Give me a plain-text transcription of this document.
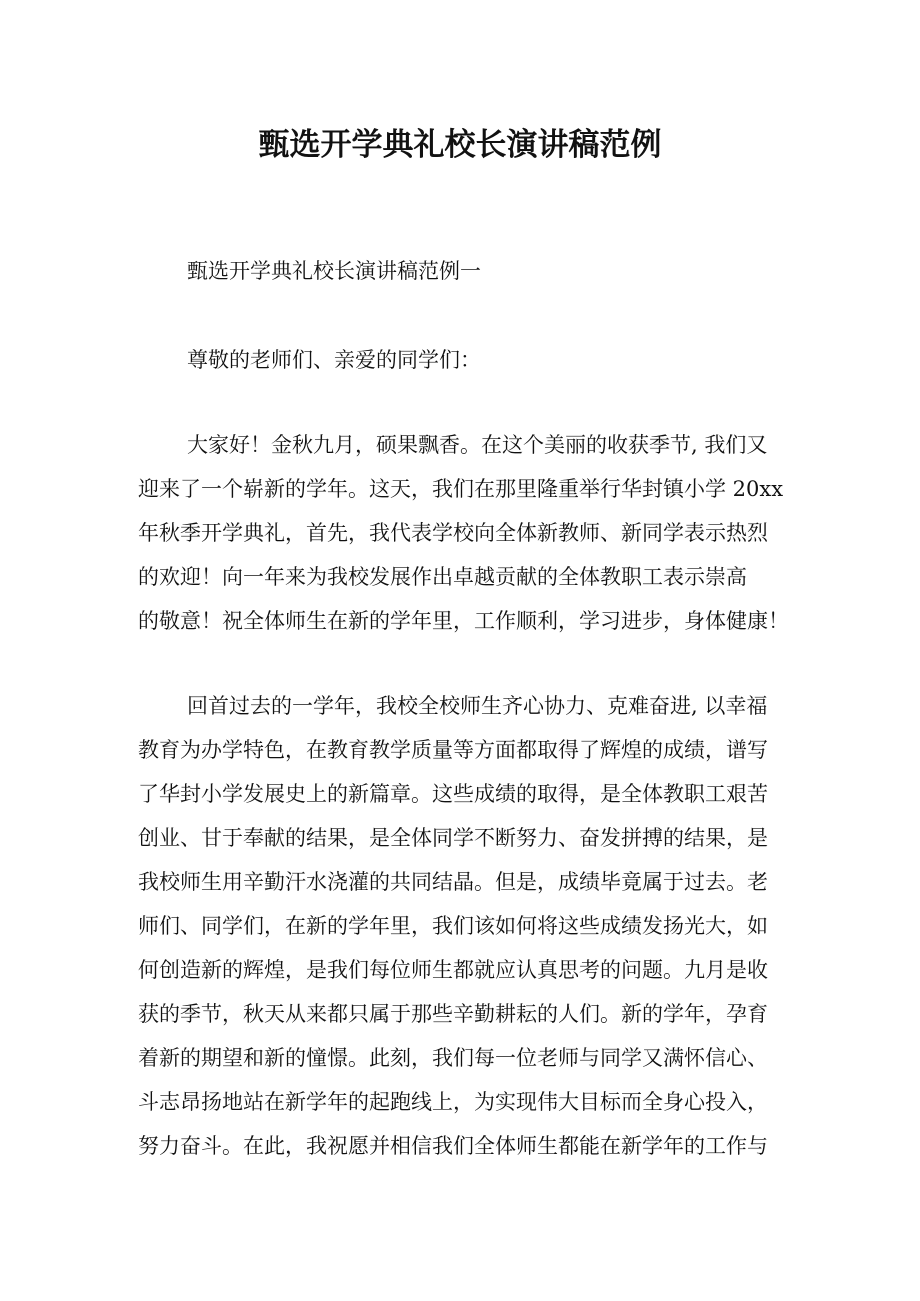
甄选开学典礼校长演讲稿范例

甄选开学典礼校长演讲稿范例一

尊敬的老师们、亲爱的同学们：

大家好！金秋九月，硕果飘香。在这个美丽的收获季节, 我们又

迎来了一个崭新的学年。这天，我们在那里隆重举行华封镇小学 20xx

年秋季开学典礼，首先，我代表学校向全体新教师、新同学表示热烈

的欢迎！向一年来为我校发展作出卓越贡献的全体教职工表示崇高

的敬意！祝全体师生在新的学年里，工作顺利，学习进步，身体健康！

回首过去的一学年，我校全校师生齐心协力、克难奋进, 以幸福

教育为办学特色，在教育教学质量等方面都取得了辉煌的成绩，谱写

了华封小学发展史上的新篇章。这些成绩的取得，是全体教职工艰苦

创业、甘于奉献的结果，是全体同学不断努力、奋发拼搏的结果，是

我校师生用辛勤汗水浇灌的共同结晶。但是，成绩毕竟属于过去。老

师们、同学们，在新的学年里，我们该如何将这些成绩发扬光大，如

何创造新的辉煌，是我们每位师生都就应认真思考的问题。九月是收

获的季节，秋天从来都只属于那些辛勤耕耘的人们。新的学年，孕育

着新的期望和新的憧憬。此刻，我们每一位老师与同学又满怀信心、

斗志昂扬地站在新学年的起跑线上，为实现伟大目标而全身心投入，

努力奋斗。在此，我祝愿并相信我们全体师生都能在新学年的工作与
